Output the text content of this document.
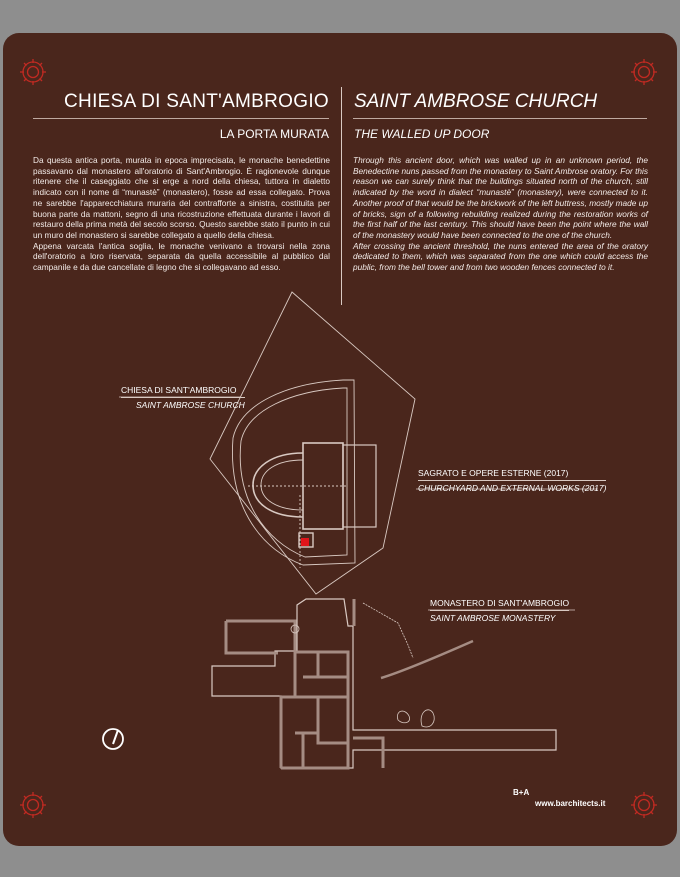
CHIESA DI SANT'AMBROGIO SAINT AMBROSE CHURCH
LA PORTA MURATA THE WALLED UP DOOR

Da questa antica porta, murata in epoca imprecisata, le monache benedettine passavano dal monastero all'oratorio di Sant'Ambrogio. È ragionevole dunque ritenere che il caseggiato che si erge a nord della chiesa, tuttora in dialetto indicato con il nome di “munastè” (monastero), fosse ad essa collegato. Prova ne sarebbe l'apparecchiatura muraria del contrafforte a sinistra, costituita per buona parte da mattoni, segno di una ricostruzione effettuata durante i lavori di restauro della prima metà del secolo scorso. Questo sarebbe stato il punto in cui un muro del monastero si sarebbe collegato a quello della chiesa.

Appena varcata l'antica soglia, le monache venivano a trovarsi nella zona dell'oratorio a loro riservata, separata da quella accessibile al pubblico dal campanile e da due cancellate di legno che si collegavano ad esso.

Through this ancient door, which was walled up in an unknown period, the Benedectine nuns passed from the monastery to Saint Ambrose oratory. For this reason we can surely think that the buildings situated north of the church, still indicated by the word in dialect “munastè” (monastery), were connected to it. Another proof of that would be the brickwork of the left buttress, mostly made up of bricks, sign of a following rebuilding realized during the restoration works of the first half of the last century. This should have been the point where the wall of the monastery would have been connected to the one of the church.

After crossing the ancient threshold, the nuns entered the area of the oratory dedicated to them, which was separated from the one which could access the public, from the bell tower and from two wooden fences connected to it.

CHIESA DI SANT'AMBROGIO
SAINT AMBROSE CHURCH
SAGRATO E OPERE ESTERNE (2017)
CHURCHYARD AND EXTERNAL WORKS (2017)
MONASTERO DI SANT'AMBROGIO
SAINT AMBROSE MONASTERY
B+A
www.barchitects.it
